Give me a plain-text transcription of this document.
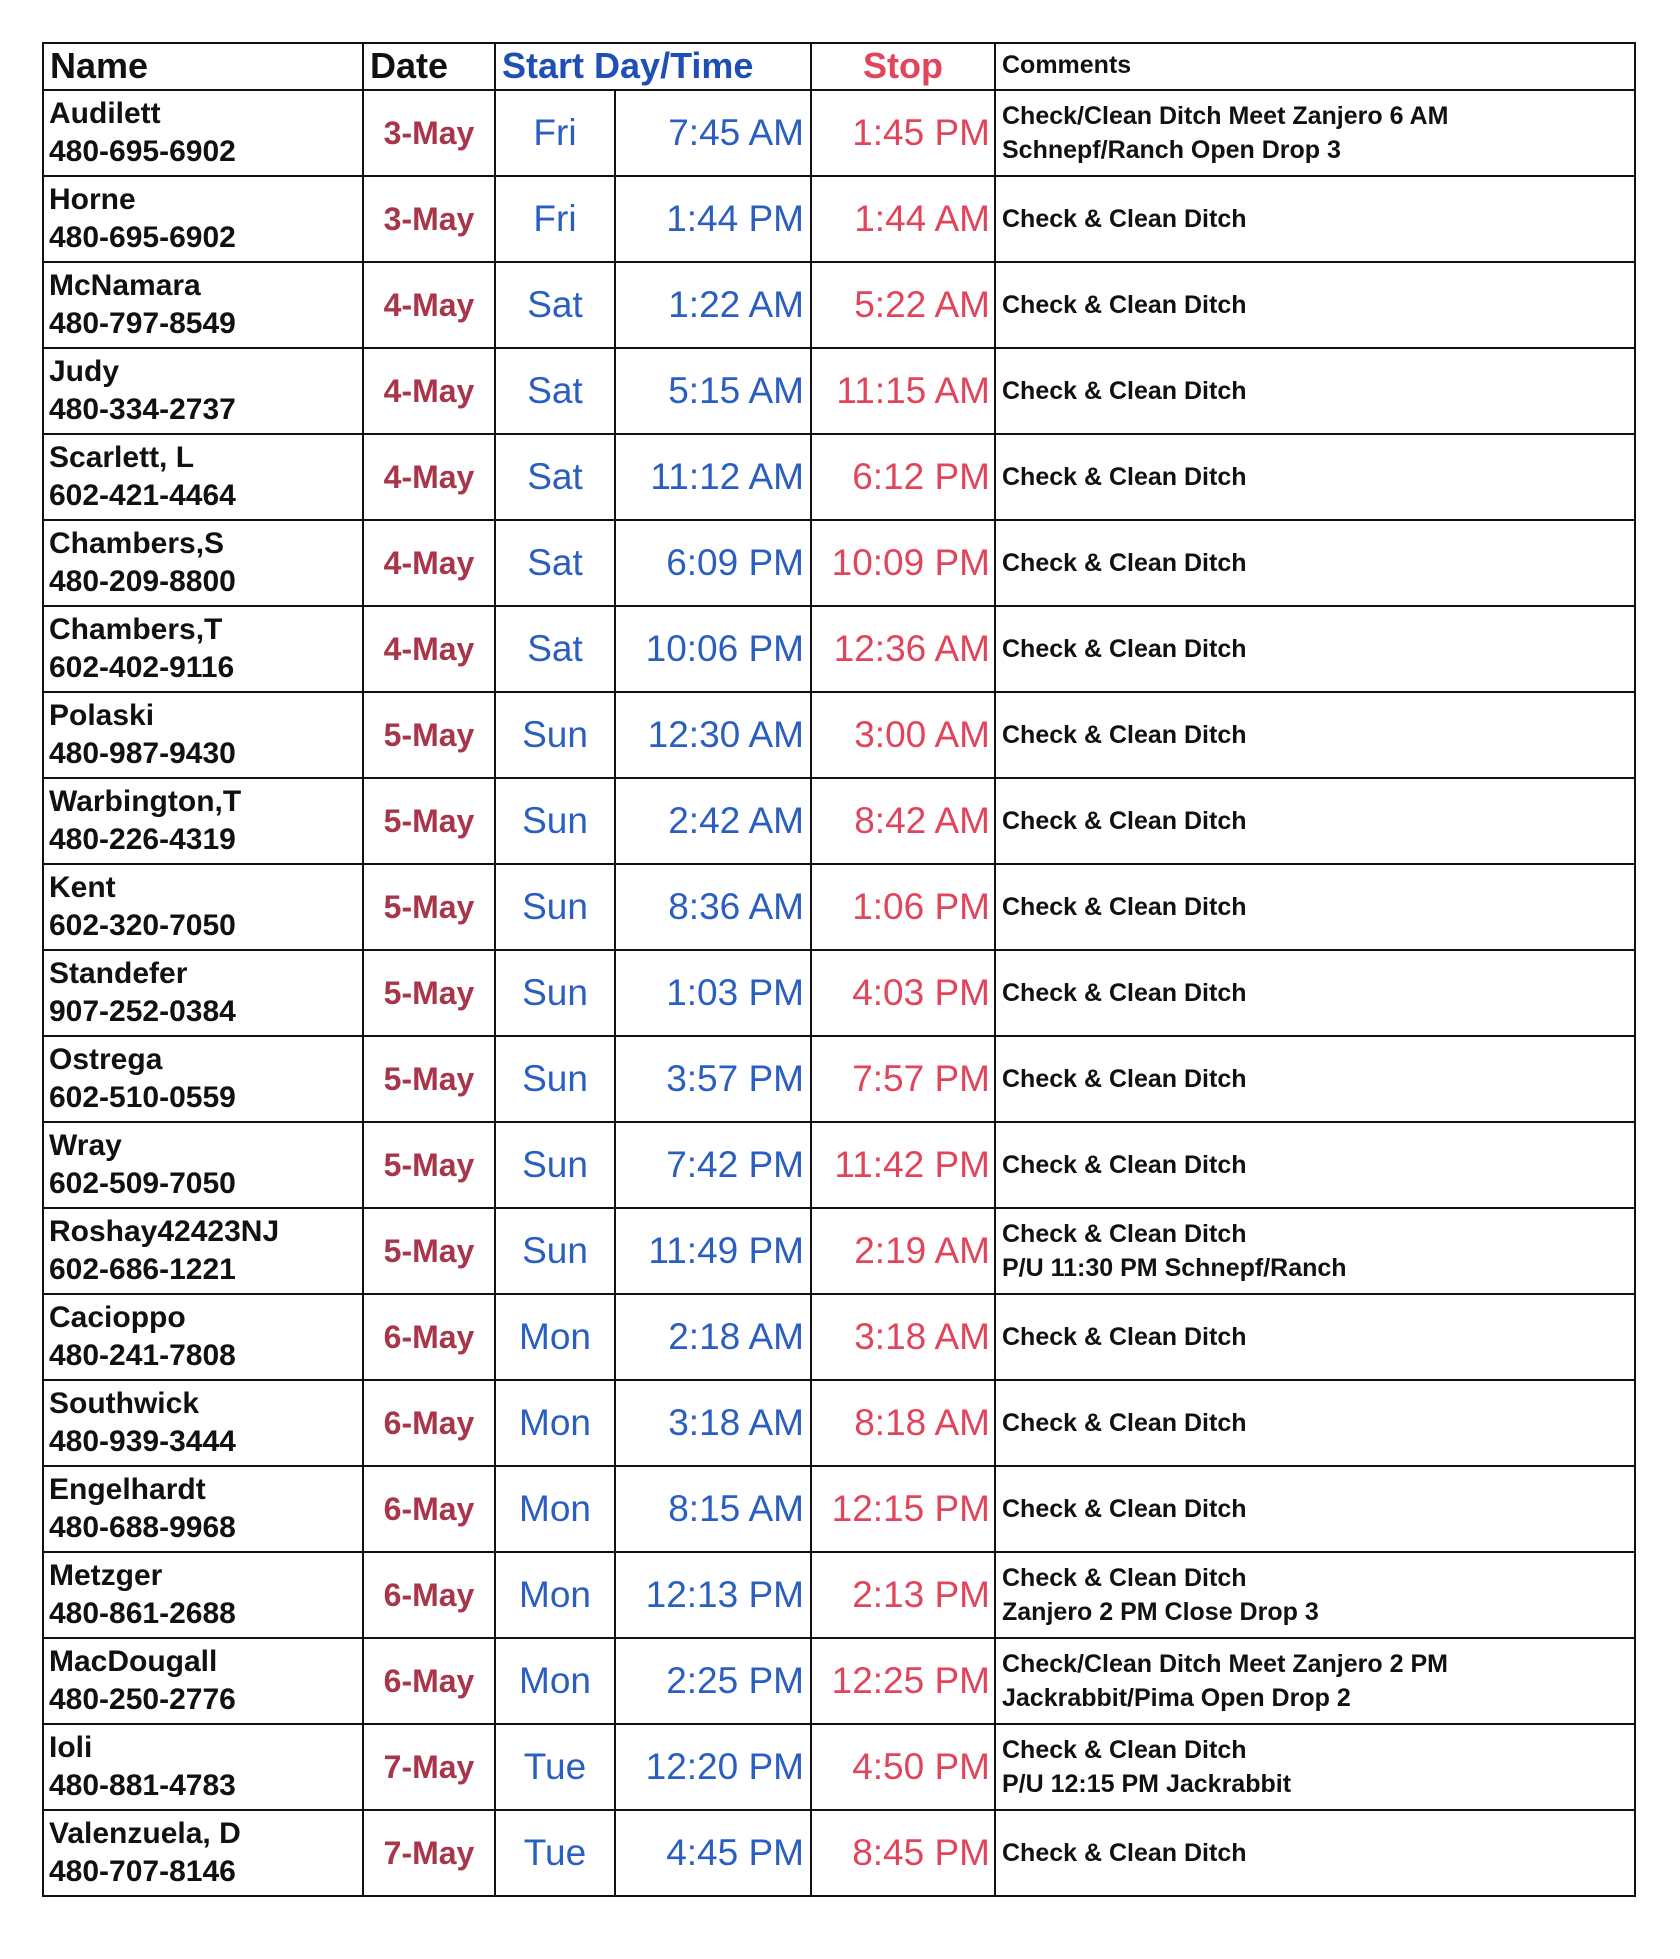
Name	Date	Start Day/Time		Stop	Comments

Audilett
480-695-6902	3-May	Fri	7:45 AM	1:45 PM	Check/Clean Ditch Meet Zanjero 6 AM
Schnepf/Ranch Open Drop 3

Horne
480-695-6902	3-May	Fri	1:44 PM	1:44 AM	Check & Clean Ditch

McNamara
480-797-8549	4-May	Sat	1:22 AM	5:22 AM	Check & Clean Ditch

Judy
480-334-2737	4-May	Sat	5:15 AM	11:15 AM	Check & Clean Ditch

Scarlett, L
602-421-4464	4-May	Sat	11:12 AM	6:12 PM	Check & Clean Ditch

Chambers,S
480-209-8800	4-May	Sat	6:09 PM	10:09 PM	Check & Clean Ditch

Chambers,T
602-402-9116	4-May	Sat	10:06 PM	12:36 AM	Check & Clean Ditch

Polaski
480-987-9430	5-May	Sun	12:30 AM	3:00 AM	Check & Clean Ditch

Warbington,T
480-226-4319	5-May	Sun	2:42 AM	8:42 AM	Check & Clean Ditch

Kent
602-320-7050	5-May	Sun	8:36 AM	1:06 PM	Check & Clean Ditch

Standefer
907-252-0384	5-May	Sun	1:03 PM	4:03 PM	Check & Clean Ditch

Ostrega
602-510-0559	5-May	Sun	3:57 PM	7:57 PM	Check & Clean Ditch

Wray
602-509-7050	5-May	Sun	7:42 PM	11:42 PM	Check & Clean Ditch

Roshay42423NJ
602-686-1221	5-May	Sun	11:49 PM	2:19 AM	Check & Clean Ditch
P/U 11:30 PM Schnepf/Ranch

Cacioppo
480-241-7808	6-May	Mon	2:18 AM	3:18 AM	Check & Clean Ditch

Southwick
480-939-3444	6-May	Mon	3:18 AM	8:18 AM	Check & Clean Ditch

Engelhardt
480-688-9968	6-May	Mon	8:15 AM	12:15 PM	Check & Clean Ditch

Metzger
480-861-2688	6-May	Mon	12:13 PM	2:13 PM	Check & Clean Ditch
Zanjero 2 PM Close Drop 3

MacDougall
480-250-2776	6-May	Mon	2:25 PM	12:25 PM	Check/Clean Ditch Meet Zanjero 2 PM
Jackrabbit/Pima Open Drop 2

Ioli
480-881-4783	7-May	Tue	12:20 PM	4:50 PM	Check & Clean Ditch
P/U 12:15 PM Jackrabbit

Valenzuela, D
480-707-8146	7-May	Tue	4:45 PM	8:45 PM	Check & Clean Ditch
